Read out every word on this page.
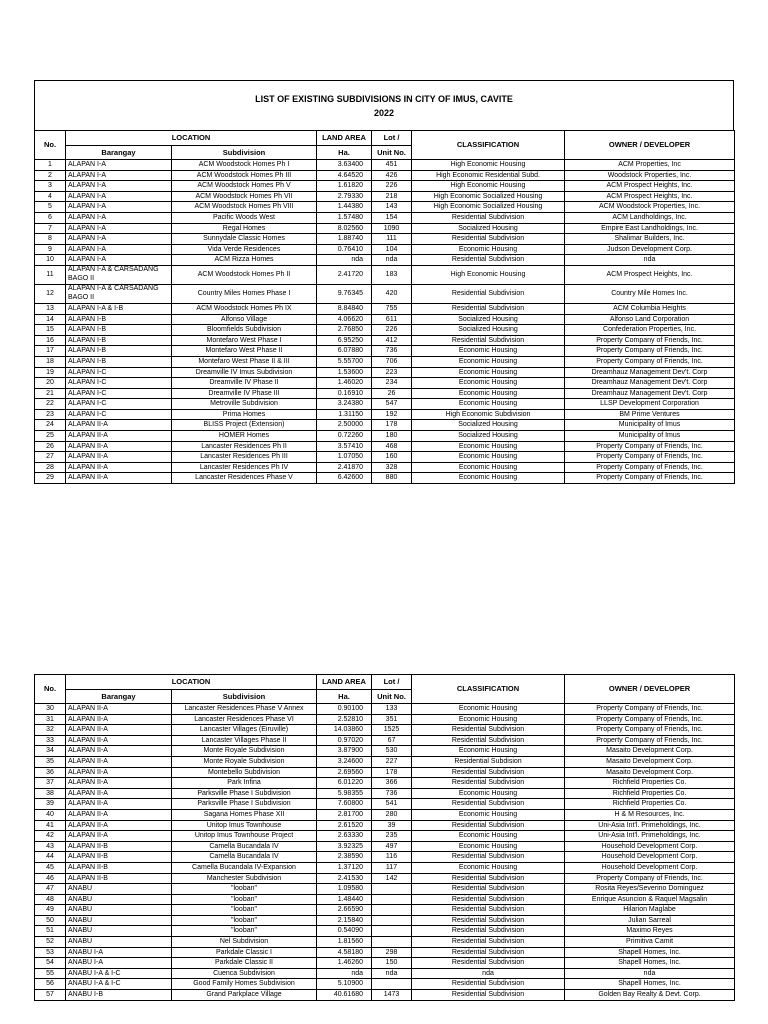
LIST OF EXISTING SUBDIVISIONS IN CITY OF IMUS, CAVITE
2022
No.	LOCATION		LAND AREA	Lot /	CLASSIFICATION	OWNER / DEVELOPER
	Barangay	Subdivision	Ha.	Unit No.		
1	ALAPAN I-A	ACM Woodstock Homes Ph I	3.63400	451	High Economic Housing	ACM Properties, Inc
2	ALAPAN I-A	ACM Woodstock Homes Ph III	4.64520	426	High Economic Residential Subd.	Woodstock Properties, Inc.
3	ALAPAN I-A	ACM Woodstock Homes Ph V	1.61820	226	High Economic Housing	ACM Prospect Heights, Inc.
4	ALAPAN I-A	ACM Woodstock Homes Ph VII	2.79330	218	High Economic Socialized Housing	ACM Prospect Heights, Inc.
5	ALAPAN I-A	ACM Woodstock Homes Ph VIII	1.44380	143	High Economic Socialized Housing	ACM Woodstock Properties, Inc.
6	ALAPAN I-A	Pacific Woods West	1.57480	154	Residential Subdivision	ACM Landholdings, Inc.
7	ALAPAN I-A	Regal Homes	8.02560	1090	Socialized Housing	Empire East Landholdings, Inc.
8	ALAPAN I-A	Sunnydale Classic Homes	1.88740	111	Residential Subdivision	Shalimar Builders, Inc.
9	ALAPAN I-A	Vida Verde Residences	0.76410	104	Economic Housing	Judson Development Corp.
10	ALAPAN I-A	ACM Rizza Homes	nda	nda	Residential Subdivision	nda
11	ALAPAN I-A & CARSADANG BAGO II	ACM Woodstock Homes Ph II	2.41720	183	High Economic Housing	ACM Prospect Heights, Inc.
12	ALAPAN I-A & CARSADANG BAGO II	Country Miles Homes Phase I	9.76345	420	Residential Subdivision	Country Mile Homes Inc.
13	ALAPAN I-A & I-B	ACM Woodstock Homes Ph IX	8.84840	755	Residential Subdivision	ACM Columbia Heights
14	ALAPAN I-B	Alfonso Village	4.06620	611	Socialized Housing	Alfonso Land Corporation
15	ALAPAN I-B	Bloomfields Subdivision	2.76850	226	Socialized Housing	Confederation Properties, Inc.
16	ALAPAN I-B	Montefaro West Phase I	6.95250	412	Residential Subdivision	Property Company of Friends, Inc.
17	ALAPAN I-B	Montefaro West Phase II	6.07880	736	Economic Housing	Property Company of Friends, Inc.
18	ALAPAN I-B	Montefaro West Phase II & III	5.55700	706	Economic Housing	Property Company of Friends, Inc.
19	ALAPAN I-C	Dreamville IV Imus Subdivision	1.53600	223	Economic Housing	Dreamhauz Management Dev't. Corp
20	ALAPAN I-C	Dreamville IV Phase II	1.46020	234	Economic Housing	Dreamhauz Management Dev't. Corp
21	ALAPAN I-C	Dreamville IV Phase III	0.16910	26	Economic Housing	Dreamhauz Management Dev't. Corp
22	ALAPAN I-C	Metroville Subdivision	3.24380	547	Economic Housing	LLSP Development Corporation
23	ALAPAN I-C	Prima Homes	1.31150	192	High Economic Subdivision	BM Prime Ventures
24	ALAPAN II-A	BLISS Project (Extension)	2.50000	178	Socialized Housing	Municipality of Imus
25	ALAPAN II-A	HOMER Homes	0.72260	180	Socialized Housing	Municipality of Imus
26	ALAPAN II-A	Lancaster Residences Ph II	3.57410	468	Economic Housing	Property Company of Friends, Inc.
27	ALAPAN II-A	Lancaster Residences Ph III	1.07050	160	Economic Housing	Property Company of Friends, Inc.
28	ALAPAN II-A	Lancaster Residences Ph IV	2.41870	328	Economic Housing	Property Company of Friends, Inc.
29	ALAPAN II-A	Lancaster Residences Phase V	6.42600	880	Economic Housing	Property Company of Friends, Inc.
No.	LOCATION		LAND AREA	Lot /	CLASSIFICATION	OWNER / DEVELOPER
	Barangay	Subdivision	Ha.	Unit No.		
30	ALAPAN II-A	Lancaster Residences Phase V Annex	0.90100	133	Economic Housing	Property Company of Friends, Inc.
31	ALAPAN II-A	Lancaster Residences Phase VI	2.52810	351	Economic Housing	Property Company of Friends, Inc.
32	ALAPAN II-A	Lancaster Villages (Eiruville)	14.03860	1525	Residential Subdivision	Property Company of Friends, Inc.
33	ALAPAN II-A	Lancaster Villages Phase II	0.97020	67	Residential Subdivision	Property Company of Friends, Inc.
34	ALAPAN II-A	Monte Royale Subdivision	3.87900	530	Economic Housing	Masaito Development Corp.
35	ALAPAN II-A	Monte Royale Subdivision	3.24600	227	Residential Subdision	Masaito Development Corp.
36	ALAPAN II-A	Montebello Subdivision	2.69560	178	Residential Subdivision	Masaito Development Corp.
37	ALAPAN II-A	Park Infina	6.01220	366	Residential Subdivision	Richfield Properties Co.
38	ALAPAN II-A	Parksville Phase I Subdivision	5.98355	736	Economic Housing	Richfield Properties Co.
39	ALAPAN II-A	Parksville Phase I Subdivision	7.60800	541	Residential Subdivision	Richfield Properties Co.
40	ALAPAN II-A	Sagana Homes Phase XII	2.81700	280	Economic Housing	H & M Resources, Inc.
41	ALAPAN II-A	Unitop Imus Townhouse	2.61520	39	Residential Subdivision	Uni-Asia Int'l. Primeholdings, Inc.
42	ALAPAN II-A	Unitop Imus Townhouse Project	2.63330	235	Economic Housing	Uni-Asia Int'l. Primeholdings, Inc.
43	ALAPAN II-B	Camella Bucandala IV	3.92325	497	Economic Housing	Household Development Corp.
44	ALAPAN II-B	Camella Bucandala IV	2.38590	116	Residential Subdivision	Household Development Corp.
45	ALAPAN II-B	Camella Bucandala IV-Expansion	1.37120	117	Economic Housing	Household Development Corp.
46	ALAPAN II-B	Manchester Subdivision	2.41530	142	Residential Subdivision	Property Company of Friends, Inc.
47	ANABU	"looban"	1.09580		Residential Subdivision	Rosita Reyes/Severino Dominguez
48	ANABU	"looban"	1.48440		Residential Subdivision	Enrique Asuncion & Raquel Magsalin
49	ANABU	"looban"	2.66590		Residential Subdivision	Hilarion Maglabe
50	ANABU	"looban"	2.15840		Residential Subdivision	Julian Sarreal
51	ANABU	"looban"	0.54090		Residential Subdivision	Maximo Reyes
52	ANABU	Nel Subdivision	1.81560		Residential Subdivision	Primitiva Camit
53	ANABU I-A	Parkdale Classic I	4.58180	298	Residential Subdivision	Shapell Homes, Inc.
54	ANABU I-A	Parkdale Classic II	1.46260	150	Residential Subdivision	Shapell Homes, Inc.
55	ANABU I-A & I-C	Cuenca Subdivision	nda	nda	nda	nda
56	ANABU I-A & I-C	Good Family Homes Subdivision	5.10900		Residential Subdivision	Shapell Homes, Inc.
57	ANABU I-B	Grand Parkplace Village	40.61680	1473	Residential Subdivision	Golden Bay Realty & Devt. Corp.
